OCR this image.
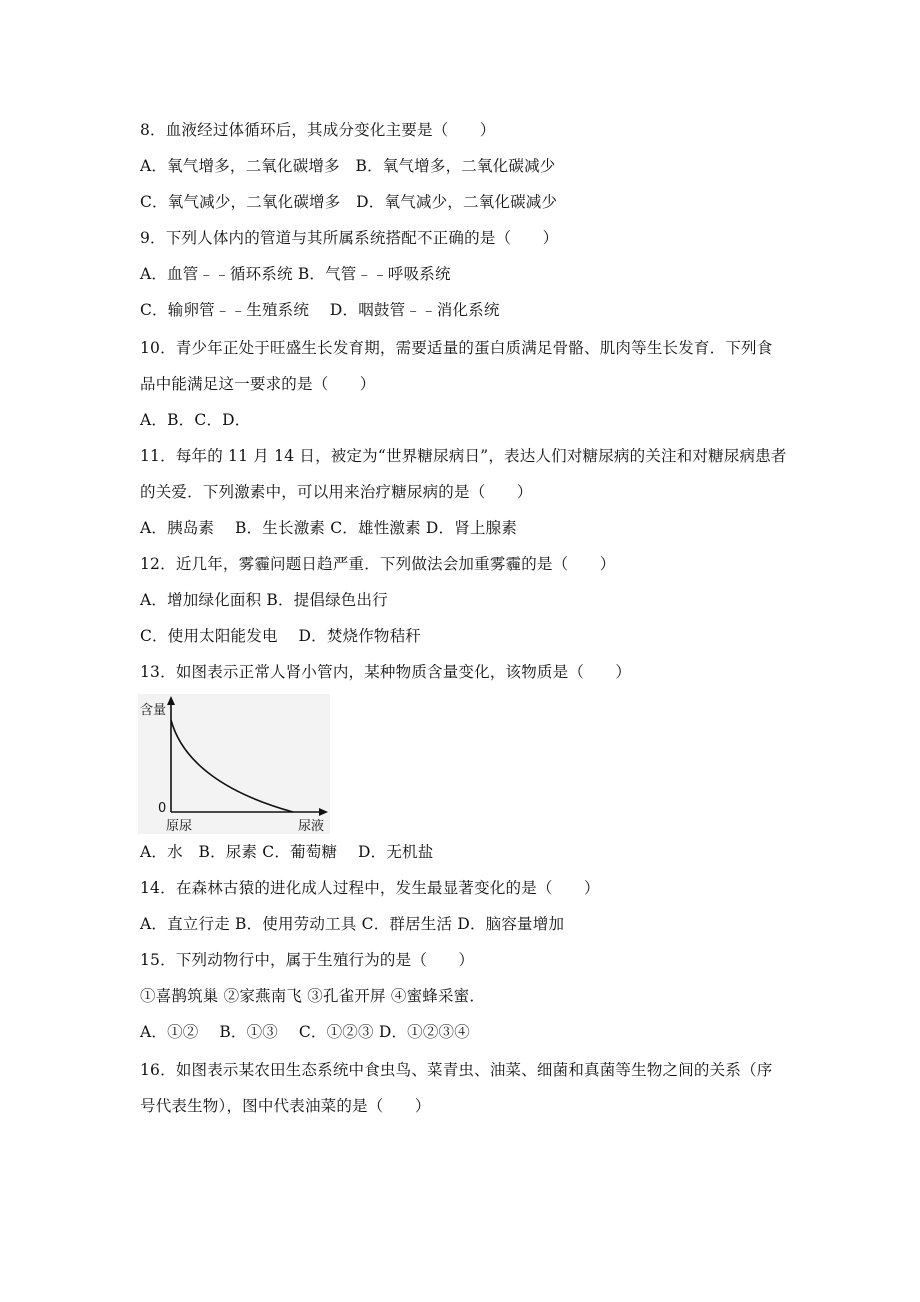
8．血液经过体循环后，其成分变化主要是（　　）
A．氧气增多，二氧化碳增多　B．氧气增多，二氧化碳减少
C．氧气减少，二氧化碳增多　D．氧气减少，二氧化碳减少
9．下列人体内的管道与其所属系统搭配不正确的是（　　）
A．血管﹣﹣循环系统 B．气管﹣﹣呼吸系统
C．输卵管﹣﹣生殖系统　 D．咽鼓管﹣﹣消化系统
10．青少年正处于旺盛生长发育期，需要适量的蛋白质满足骨骼、肌肉等生长发育．下列食
品中能满足这一要求的是（　　）
A．B．C．D．
11．每年的 11 月 14 日，被定为“世界糖尿病日”，表达人们对糖尿病的关注和对糖尿病患者
的关爱．下列激素中，可以用来治疗糖尿病的是（　　）
A．胰岛素　 B．生长激素 C．雄性激素 D．肾上腺素
12．近几年，雾霾问题日趋严重．下列做法会加重雾霾的是（　　）
A．增加绿化面积 B．提倡绿色出行
C．使用太阳能发电　 D．焚烧作物秸秆
13．如图表示正常人肾小管内，某种物质含量变化，该物质是（　　）
含量
0
原尿	尿液
A．水　B．尿素 C．葡萄糖　 D．无机盐
14．在森林古猿的进化成人过程中，发生最显著变化的是（　　）
A．直立行走 B．使用劳动工具 C．群居生活 D．脑容量增加
15．下列动物行中，属于生殖行为的是（　　）
①喜鹊筑巢 ②家燕南飞 ③孔雀开屏 ④蜜蜂采蜜．
A．①②　 B．①③　 C．①②③ D．①②③④
16．如图表示某农田生态系统中食虫鸟、菜青虫、油菜、细菌和真菌等生物之间的关系（序
号代表生物），图中代表油菜的是（　　）
